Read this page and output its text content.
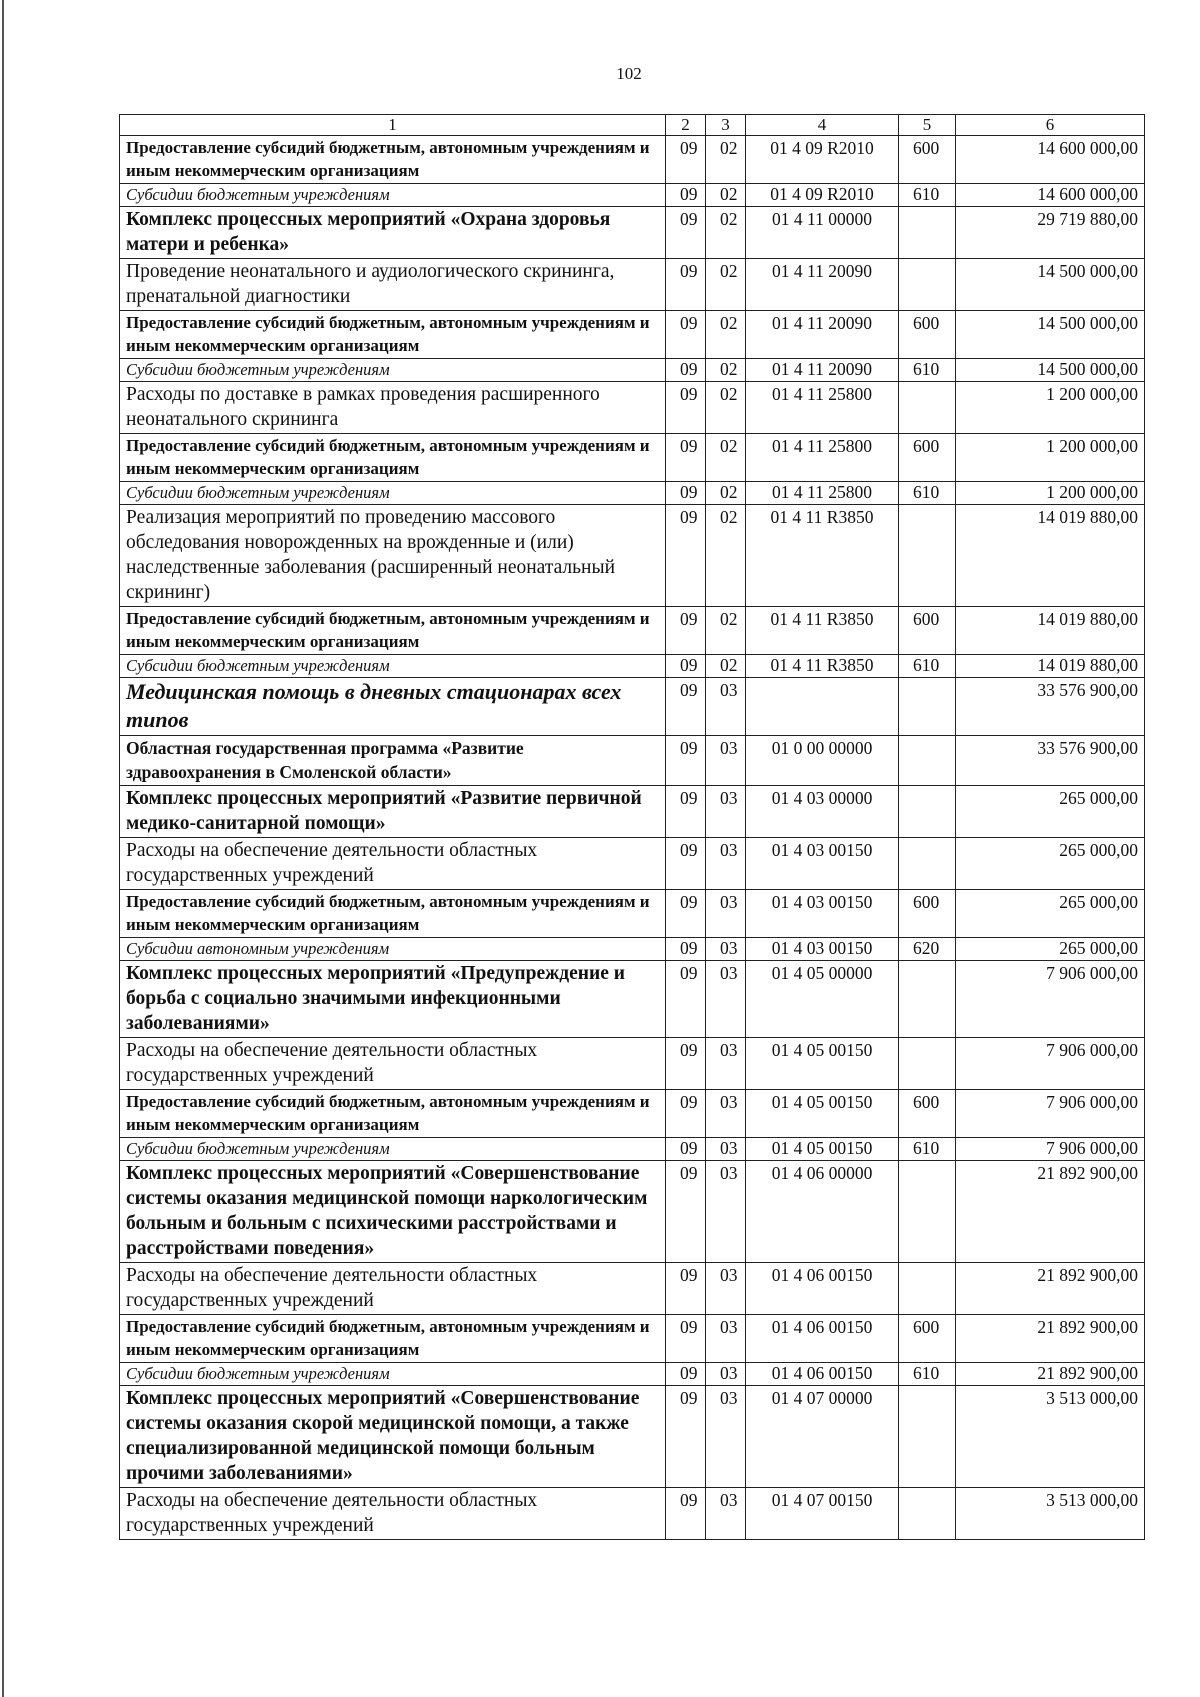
102
1	2	3	4	5	6
Предоставление субсидий бюджетным, автономным учреждениям и иным некоммерческим организациям	09	02	01 4 09 R2010	600	14 600 000,00
Субсидии бюджетным учреждениям	09	02	01 4 09 R2010	610	14 600 000,00
Комплекс процессных мероприятий «Охрана здоровья матери и ребенка»	09	02	01 4 11 00000		29 719 880,00
Проведение неонатального и аудиологического скрининга, пренатальной диагностики	09	02	01 4 11 20090		14 500 000,00
Предоставление субсидий бюджетным, автономным учреждениям и иным некоммерческим организациям	09	02	01 4 11 20090	600	14 500 000,00
Субсидии бюджетным учреждениям	09	02	01 4 11 20090	610	14 500 000,00
Расходы по доставке в рамках проведения расширенного неонатального скрининга	09	02	01 4 11 25800		1 200 000,00
Предоставление субсидий бюджетным, автономным учреждениям и иным некоммерческим организациям	09	02	01 4 11 25800	600	1 200 000,00
Субсидии бюджетным учреждениям	09	02	01 4 11 25800	610	1 200 000,00
Реализация мероприятий по проведению массового обследования новорожденных на врожденные и (или) наследственные заболевания (расширенный неонатальный скрининг)	09	02	01 4 11 R3850		14 019 880,00
Предоставление субсидий бюджетным, автономным учреждениям и иным некоммерческим организациям	09	02	01 4 11 R3850	600	14 019 880,00
Субсидии бюджетным учреждениям	09	02	01 4 11 R3850	610	14 019 880,00
Медицинская помощь в дневных стационарах всех типов	09	03			33 576 900,00
Областная государственная программа «Развитие здравоохранения в Смоленской области»	09	03	01 0 00 00000		33 576 900,00
Комплекс процессных мероприятий «Развитие первичной медико-санитарной помощи»	09	03	01 4 03 00000		265 000,00
Расходы на обеспечение деятельности областных государственных учреждений	09	03	01 4 03 00150		265 000,00
Предоставление субсидий бюджетным, автономным учреждениям и иным некоммерческим организациям	09	03	01 4 03 00150	600	265 000,00
Субсидии автономным учреждениям	09	03	01 4 03 00150	620	265 000,00
Комплекс процессных мероприятий «Предупреждение и борьба с социально значимыми инфекционными заболеваниями»	09	03	01 4 05 00000		7 906 000,00
Расходы на обеспечение деятельности областных государственных учреждений	09	03	01 4 05 00150		7 906 000,00
Предоставление субсидий бюджетным, автономным учреждениям и иным некоммерческим организациям	09	03	01 4 05 00150	600	7 906 000,00
Субсидии бюджетным учреждениям	09	03	01 4 05 00150	610	7 906 000,00
Комплекс процессных мероприятий «Совершенствование системы оказания медицинской помощи наркологическим больным и больным с психическими расстройствами и расстройствами поведения»	09	03	01 4 06 00000		21 892 900,00
Расходы на обеспечение деятельности областных государственных учреждений	09	03	01 4 06 00150		21 892 900,00
Предоставление субсидий бюджетным, автономным учреждениям и иным некоммерческим организациям	09	03	01 4 06 00150	600	21 892 900,00
Субсидии бюджетным учреждениям	09	03	01 4 06 00150	610	21 892 900,00
Комплекс процессных мероприятий «Совершенствование системы оказания скорой медицинской помощи, а также специализированной медицинской помощи больным прочими заболеваниями»	09	03	01 4 07 00000		3 513 000,00
Расходы на обеспечение деятельности областных государственных учреждений	09	03	01 4 07 00150		3 513 000,00
